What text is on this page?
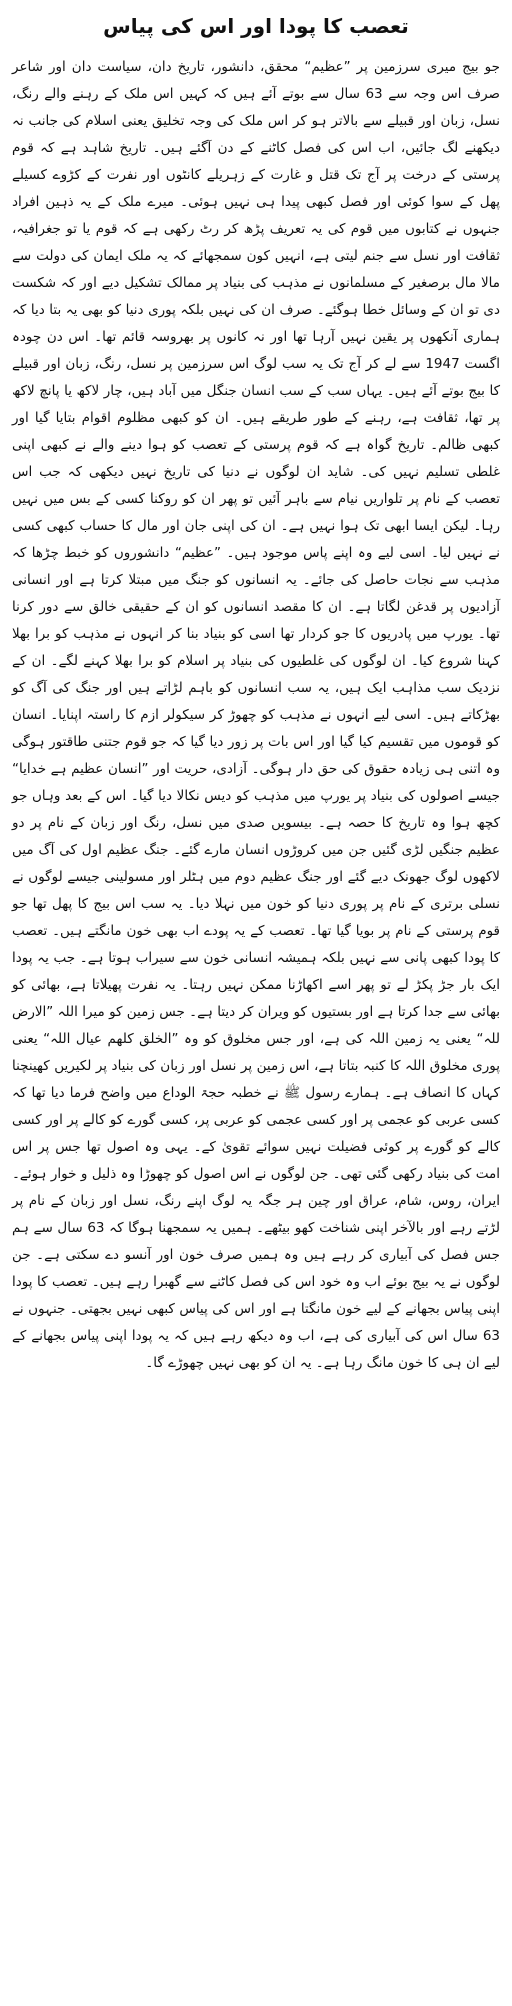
تعصب کا پودا اور اس کی پیاس

جو بیج میری سرزمین پر ”عظیم“ محقق، دانشور، تاریخ دان، سیاست دان اور شاعر صرف اس وجہ سے 63 سال سے بوتے آئے ہیں کہ کہیں اس ملک کے رہنے والے رنگ، نسل، زبان اور قبیلے سے بالاتر ہو کر اس ملک کی وجہ تخلیق یعنی اسلام کی جانب نہ دیکھنے لگ جائیں، اب اس کی فصل کاٹنے کے دن آگئے ہیں۔ تاریخ شاہد ہے کہ قوم پرستی کے درخت پر آج تک قتل و غارت کے زہریلے کانٹوں اور نفرت کے کڑوے کسیلے پھل کے سوا کوئی اور فصل کبھی پیدا ہی نہیں ہوئی۔ میرے ملک کے یہ ذہین افراد جنہوں نے کتابوں میں قوم کی یہ تعریف پڑھ کر رٹ رکھی ہے کہ قوم یا تو جغرافیہ، ثقافت اور نسل سے جنم لیتی ہے، انہیں کون سمجھائے کہ یہ ملک ایمان کی دولت سے مالا مال برصغیر کے مسلمانوں نے مذہب کی بنیاد پر ممالک تشکیل دیے اور کہ شکست دی تو ان کے وسائل خطا ہوگئے۔ صرف ان کی نہیں بلکہ پوری دنیا کو بھی یہ بتا دیا کہ ہماری آنکھوں پر یقین نہیں آرہا تھا اور نہ کانوں پر بھروسہ قائم تھا۔ اس دن چودہ اگست 1947 سے لے کر آج تک یہ سب لوگ اس سرزمین پر نسل، رنگ، زبان اور قبیلے کا بیج بوتے آئے ہیں۔ یہاں سب کے سب انسان جنگل میں آباد ہیں، چار لاکھ یا پانچ لاکھ پر تھا، ثقافت ہے، رہنے کے طور طریقے ہیں۔ ان کو کبھی مظلوم اقوام بتایا گیا اور کبھی ظالم۔ تاریخ گواہ ہے کہ قوم پرستی کے تعصب کو ہوا دینے والے نے کبھی اپنی غلطی تسلیم نہیں کی۔ شاید ان لوگوں نے دنیا کی تاریخ نہیں دیکھی کہ جب اس تعصب کے نام پر تلواریں نیام سے باہر آئیں تو پھر ان کو روکنا کسی کے بس میں نہیں رہا۔ لیکن ایسا ابھی تک ہوا نہیں ہے۔ ان کی اپنی جان اور مال کا حساب کبھی کسی نے نہیں لیا۔ اسی لیے وہ اپنے پاس موجود ہیں۔ ”عظیم“ دانشوروں کو خبط چڑھا کہ مذہب سے نجات حاصل کی جائے۔ یہ انسانوں کو جنگ میں مبتلا کرتا ہے اور انسانی آزادیوں پر قدغن لگاتا ہے۔ ان کا مقصد انسانوں کو ان کے حقیقی خالق سے دور کرنا تھا۔ یورپ میں پادریوں کا جو کردار تھا اسی کو بنیاد بنا کر انہوں نے مذہب کو برا بھلا کہنا شروع کیا۔ ان لوگوں کی غلطیوں کی بنیاد پر اسلام کو برا بھلا کہنے لگے۔ ان کے نزدیک سب مذاہب ایک ہیں، یہ سب انسانوں کو باہم لڑاتے ہیں اور جنگ کی آگ کو بھڑکاتے ہیں۔ اسی لیے انہوں نے مذہب کو چھوڑ کر سیکولر ازم کا راستہ اپنایا۔ انسان کو قوموں میں تقسیم کیا گیا اور اس بات پر زور دیا گیا کہ جو قوم جتنی طاقتور ہوگی وہ اتنی ہی زیادہ حقوق کی حق دار ہوگی۔ آزادی، حریت اور ”انسان عظیم ہے خدایا“ جیسے اصولوں کی بنیاد پر یورپ میں مذہب کو دیس نکالا دیا گیا۔ اس کے بعد وہاں جو کچھ ہوا وہ تاریخ کا حصہ ہے۔ بیسویں صدی میں نسل، رنگ اور زبان کے نام پر دو عظیم جنگیں لڑی گئیں جن میں کروڑوں انسان مارے گئے۔ جنگ عظیم اول کی آگ میں لاکھوں لوگ جھونک دیے گئے اور جنگ عظیم دوم میں ہٹلر اور مسولینی جیسے لوگوں نے نسلی برتری کے نام پر پوری دنیا کو خون میں نہلا دیا۔ یہ سب اس بیج کا پھل تھا جو قوم پرستی کے نام پر بویا گیا تھا۔ تعصب کے یہ پودے اب بھی خون مانگتے ہیں۔ تعصب کا پودا کبھی پانی سے نہیں بلکہ ہمیشہ انسانی خون سے سیراب ہوتا ہے۔ جب یہ پودا ایک بار جڑ پکڑ لے تو پھر اسے اکھاڑنا ممکن نہیں رہتا۔ یہ نفرت پھیلاتا ہے، بھائی کو بھائی سے جدا کرتا ہے اور بستیوں کو ویران کر دیتا ہے۔ جس زمین کو میرا اللہ ”الارض للہ“ یعنی یہ زمین اللہ کی ہے، اور جس مخلوق کو وہ ”الخلق کلھم عیال اللہ“ یعنی پوری مخلوق اللہ کا کنبہ بتاتا ہے، اس زمین پر نسل اور زبان کی بنیاد پر لکیریں کھینچنا کہاں کا انصاف ہے۔ ہمارے رسول ﷺ نے خطبہ حجۃ الوداع میں واضح فرما دیا تھا کہ کسی عربی کو عجمی پر اور کسی عجمی کو عربی پر، کسی گورے کو کالے پر اور کسی کالے کو گورے پر کوئی فضیلت نہیں سوائے تقویٰ کے۔ یہی وہ اصول تھا جس پر اس امت کی بنیاد رکھی گئی تھی۔ جن لوگوں نے اس اصول کو چھوڑا وہ ذلیل و خوار ہوئے۔ ایران، روس، شام، عراق اور چین ہر جگہ یہ لوگ اپنے رنگ، نسل اور زبان کے نام پر لڑتے رہے اور بالآخر اپنی شناخت کھو بیٹھے۔ ہمیں یہ سمجھنا ہوگا کہ 63 سال سے ہم جس فصل کی آبیاری کر رہے ہیں وہ ہمیں صرف خون اور آنسو دے سکتی ہے۔ جن لوگوں نے یہ بیج بوئے اب وہ خود اس کی فصل کاٹنے سے گھبرا رہے ہیں۔ تعصب کا پودا اپنی پیاس بجھانے کے لیے خون مانگتا ہے اور اس کی پیاس کبھی نہیں بجھتی۔ جنہوں نے 63 سال اس کی آبیاری کی ہے، اب وہ دیکھ رہے ہیں کہ یہ پودا اپنی پیاس بجھانے کے لیے ان ہی کا خون مانگ رہا ہے۔ یہ ان کو بھی نہیں چھوڑے گا۔
